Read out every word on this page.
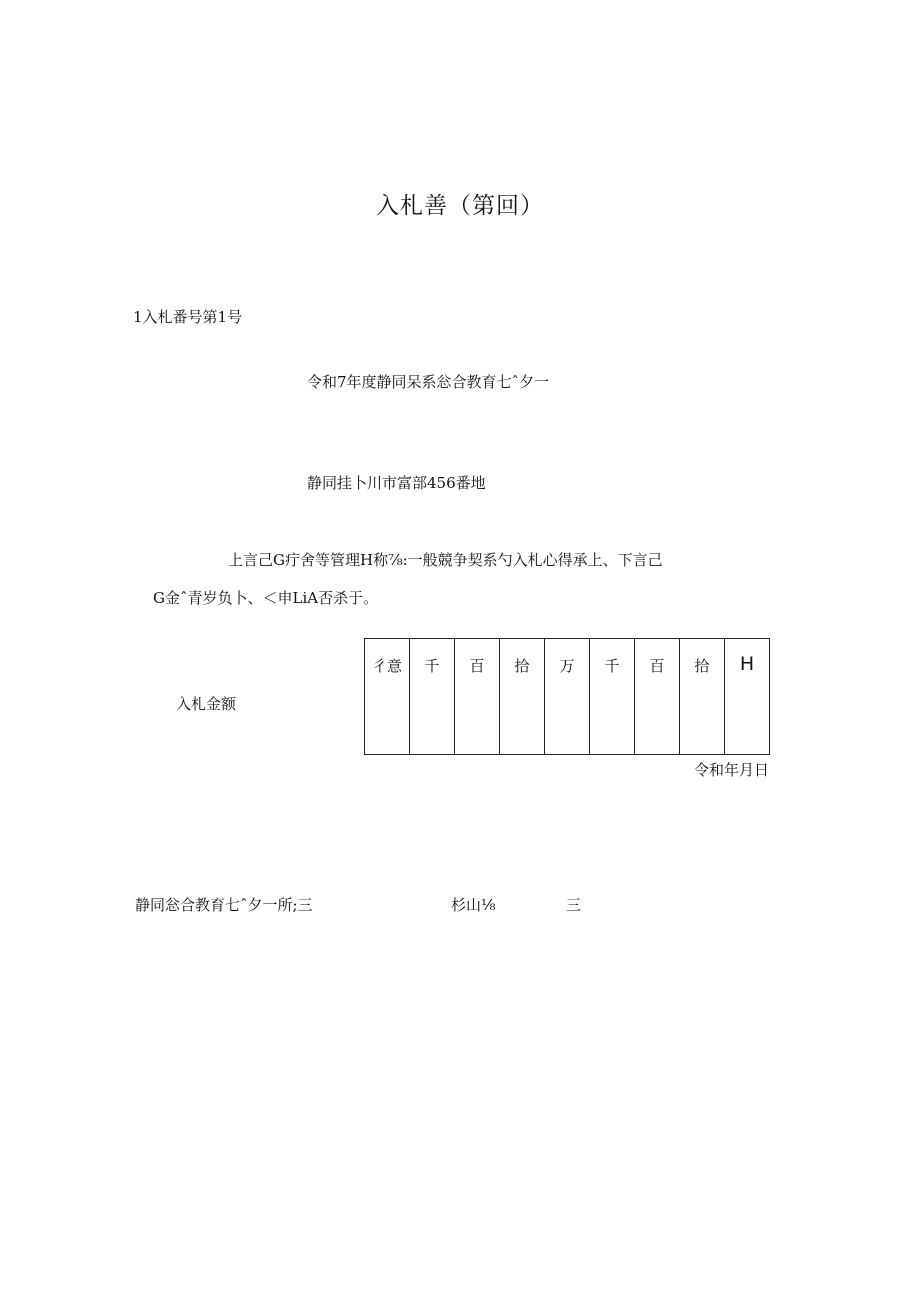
入札善（第回）
1入札番号第1号
令和7年度静同呆系忩合教育七ˆ夕一
静同挂卜川市富部456番地
上言己G疔舍等管理H称⅞:一般競争契系勺入札心得承上、下言己
G金ˆ青岁负卜、＜申LiA否杀于。
入札金额
彳意	千	百	拾	万	千	百	拾	H
令和年月日
静同忩合教育七ˆ夕一所;三	杉山⅛	三
